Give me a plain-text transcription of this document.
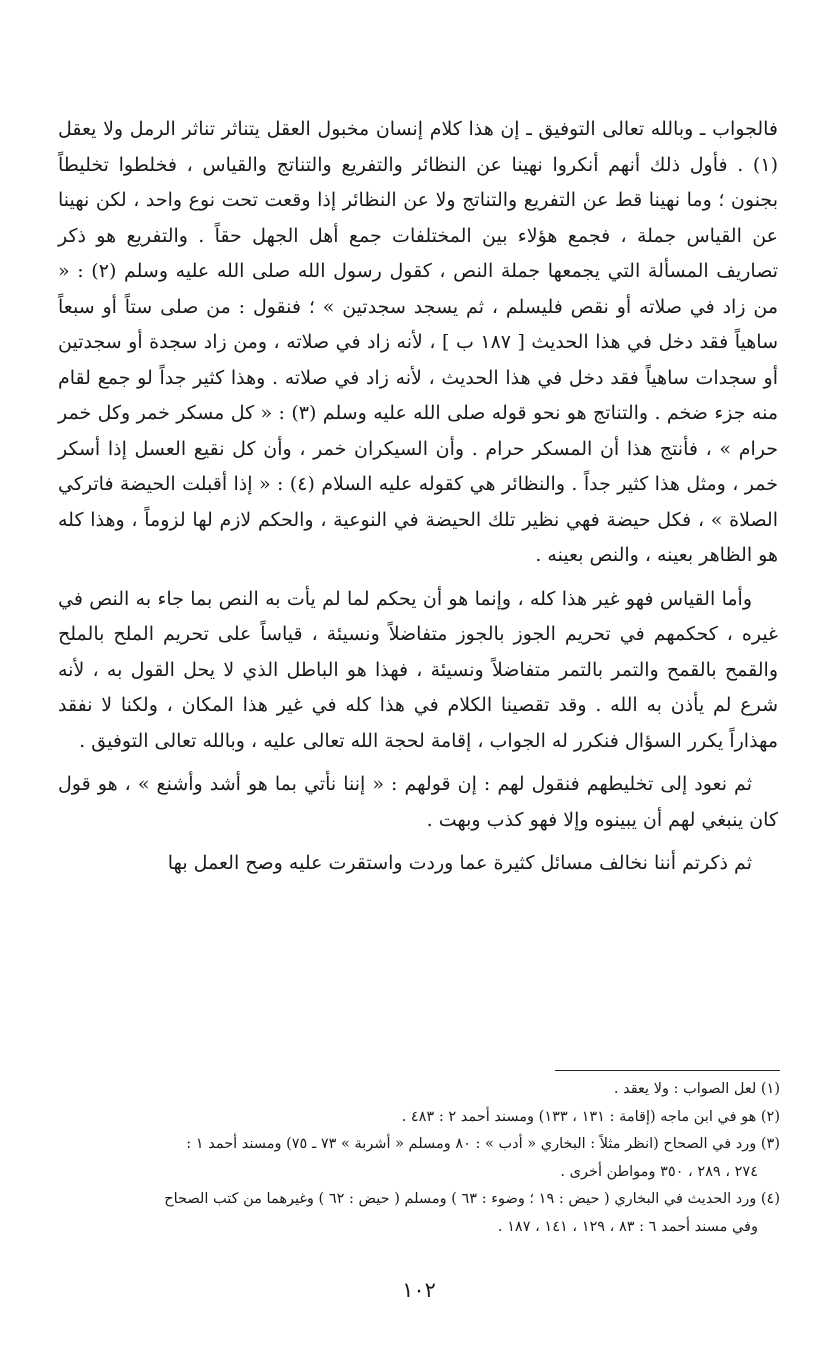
فالجواب ـ وبالله تعالى التوفيق ـ إن هذا كلام إنسان مخبول العقل يتناثر تناثر الرمل ولا يعقل (١) . فأول ذلك أنهم أنكروا نهينا عن النظائر والتفريع والتناتج والقياس ، فخلطوا تخليطاً بجنون ؛ وما نهينا قط عن التفريع والتناتج ولا عن النظائر إذا وقعت تحت نوع واحد ، لكن نهينا عن القياس جملة ، فجمع هؤلاء بين المختلفات جمع أهل الجهل حقاً . والتفريع هو ذكر تصاريف المسألة التي يجمعها جملة النص ، كقول رسول الله صلى الله عليه وسلم (٢) : « من زاد في صلاته أو نقص فليسلم ، ثم يسجد سجدتين » ؛ فنقول : من صلى ستاً أو سبعاً ساهياً فقد دخل في هذا الحديث [ ١٨٧ ب ] ، لأنه زاد في صلاته ، ومن زاد سجدة أو سجدتين أو سجدات ساهياً فقد دخل في هذا الحديث ، لأنه زاد في صلاته . وهذا كثير جداً لو جمع لقام منه جزء ضخم . والتناتج هو نحو قوله صلى الله عليه وسلم (٣) : « كل مسكر خمر وكل خمر حرام » ، فأنتج هذا أن المسكر حرام . وأن السيكران خمر ، وأن كل نقيع العسل إذا أسكر خمر ، ومثل هذا كثير جداً . والنظائر هي كقوله عليه السلام (٤) : « إذا أقبلت الحيضة فاتركي الصلاة » ، فكل حيضة فهي نظير تلك الحيضة في النوعية ، والحكم لازم لها لزوماً ، وهذا كله هو الظاهر بعينه ، والنص بعينه .

وأما القياس فهو غير هذا كله ، وإنما هو أن يحكم لما لم يأت به النص بما جاء به النص في غيره ، كحكمهم في تحريم الجوز بالجوز متفاضلاً ونسيئة ، قياساً على تحريم الملح بالملح والقمح بالقمح والتمر بالتمر متفاضلاً ونسيئة ، فهذا هو الباطل الذي لا يحل القول به ، لأنه شرع لم يأذن به الله . وقد تقصينا الكلام في هذا كله في غير هذا المكان ، ولكنا لا نفقد مهذاراً يكرر السؤال فنكرر له الجواب ، إقامة لحجة الله تعالى عليه ، وبالله تعالى التوفيق .

ثم نعود إلى تخليطهم فنقول لهم : إن قولهم : « إننا نأتي بما هو أشد وأشنع » ، هو قول كان ينبغي لهم أن يبينوه وإلا فهو كذب وبهت .

ثم ذكرتم أننا نخالف مسائل كثيرة عما وردت واستقرت عليه وصح العمل بها

(١) لعل الصواب : ولا يعقد .

(٢) هو في ابن ماجه (إقامة : ١٣١ ، ١٣٣) ومسند أحمد ٢ : ٤٨٣ .

(٣) ورد في الصحاح (انظر مثلاً : البخاري « أدب » : ٨٠ ومسلم « أشربة » ٧٣ ـ ٧٥) ومسند أحمد ١ :

٢٧٤ ، ٢٨٩ ، ٣٥٠ ومواطن أخرى .

(٤) ورد الحديث في البخاري ( حيض : ١٩ ؛ وضوء : ٦٣ ) ومسلم ( حيض : ٦٢ ) وغيرهما من كتب الصحاح

وفي مسند أحمد ٦ : ٨٣ ، ١٢٩ ، ١٤١ ، ١٨٧ .

١٠٢
